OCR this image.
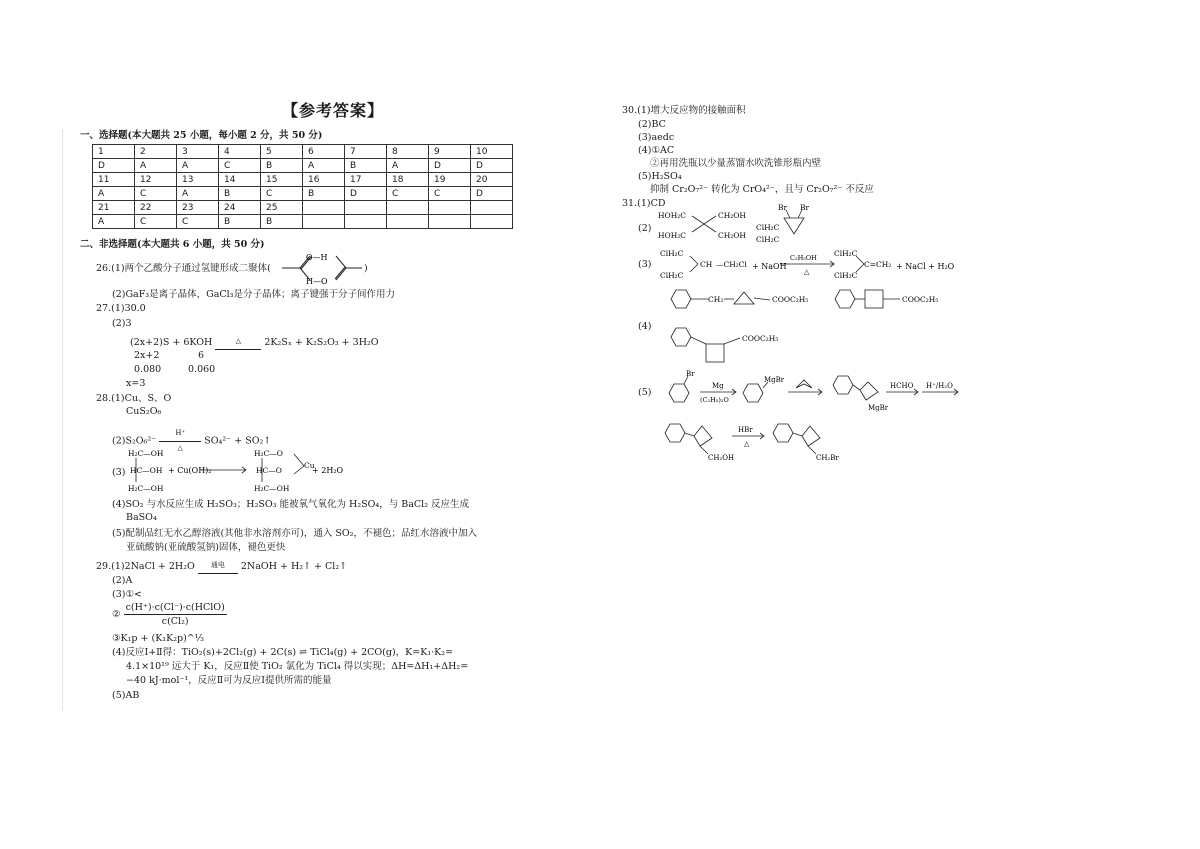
【参考答案】
一、选择题(本大题共 25 小题，每小题 2 分，共 50 分)
1	2	3	4	5	6	7	8	9	10
D	A	A	C	B	A	B	A	D	D
11	12	13	14	15	16	17	18	19	20
A	C	A	B	C	B	D	C	C	D
21	22	23	24	25					
A	C	C	B	B					
二、非选择题(本大题共 6 小题，共 50 分)
26.(1)两个乙酸分子通过氢键形成二聚体(
O—H
H—O
)
(2)GaF₃是离子晶体，GaCl₃是分子晶体；离子键强于分子间作用力
27.(1)30.0
(2)3
(2x+2)S + 6KOH	△ 2K₂Sₓ + K₂S₂O₃ + 3H₂O
2x+2	6
0.080	0.060
x=3
28.(1)Cu、S、O
CuS₂O₆
(2)S₂O₆²⁻ H⁺
△ SO₄²⁻ + SO₂↑
(3)
H₂C—OH
HC—OH
H₂C—OH
+ Cu(OH)₂
H₂C—O
HC—O
H₂C—OH
Cu
+ 2H₂O
(4)SO₂ 与水反应生成 H₂SO₃；H₂SO₃ 能被氧气氧化为 H₂SO₄，与 BaCl₂ 反应生成
BaSO₄
(5)配制品红无水乙醇溶液(其他非水溶剂亦可)，通入 SO₂，不褪色；品红水溶液中加入
亚硫酸钠(亚硫酸氢钠)固体，褪色更快
29.(1)2NaCl + 2H₂O 通电 2NaOH + H₂↑ + Cl₂↑
(2)A
(3)①<
② $\frac{\text{c(H⁺)·c(Cl⁻)·c(HClO)}}{\text{c(Cl₂)}}$
③K₁p + (K₁K₂p)^⅓
(4)反应Ⅰ+Ⅱ得：TiO₂(s)+2Cl₂(g) + 2C(s) ⇌ TiCl₄(g) + 2CO(g)，K=K₁·K₂=
4.1×10¹⁹ 远大于 K₁，反应Ⅱ使 TiO₂ 氯化为 TiCl₄ 得以实现；ΔH=ΔH₁+ΔH₂=
−40 kJ·mol⁻¹，反应Ⅱ可为反应Ⅰ提供所需的能量
(5)AB
30.(1)增大反应物的接触面积
(2)BC
(3)aedc
(4)①AC
②再用洗瓶以少量蒸馏水吹洗锥形瓶内壁
(5)H₂SO₄
抑制 Cr₂O₇²⁻ 转化为 CrO₄²⁻，且与 Cr₂O₇²⁻ 不反应
31.(1)CD
(2)
HOH₂C	CH₂OH
HOH₂C	CH₂OH
Br Br
ClH₂C
ClH₂C
(3)
ClH₂C
ClH₂C
CH —CH₂Cl + NaOH
C₂H₅OH
△
ClH₂C
ClH₂C
C=CH₂ + NaCl + H₂O
CH₂	COOC₂H₅	COOC₂H₅
(4)
COOC₂H₅
(5)
Br
Mg
(C₂H₅)₂O
MgBr
MgBr
HCHO H⁺/H₂O
CH₂OH
HBr
△
CH₂Br
